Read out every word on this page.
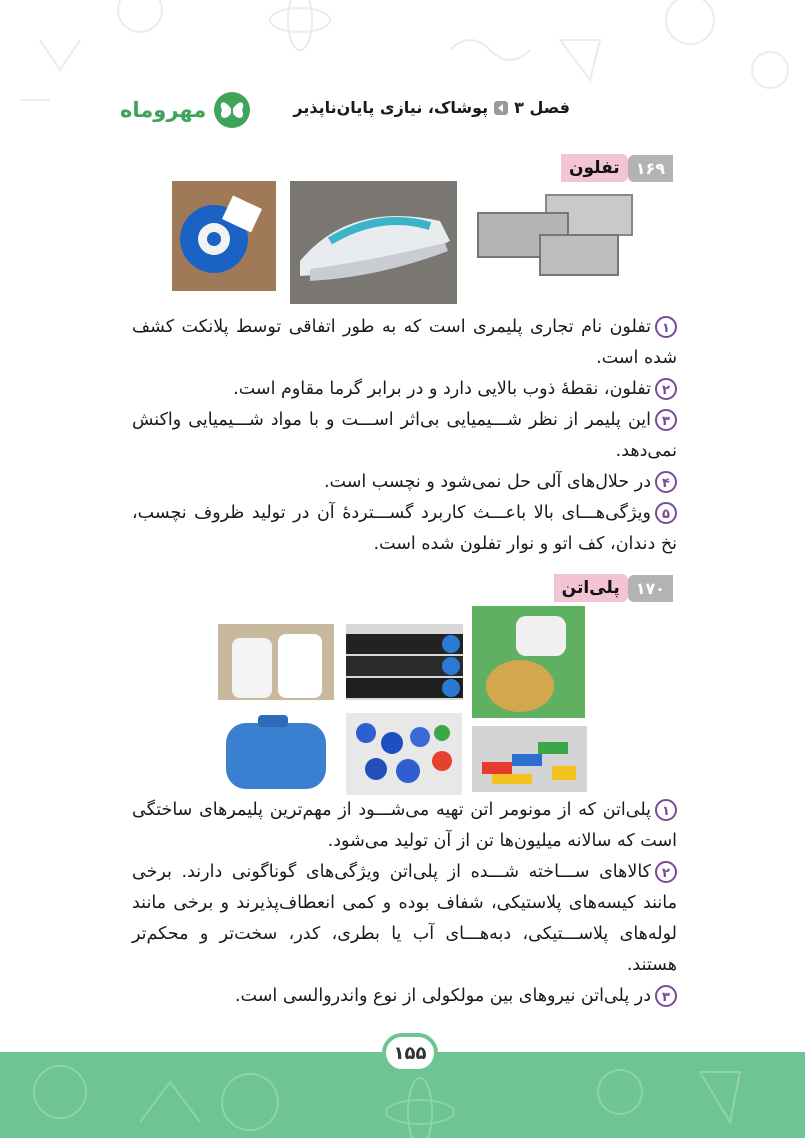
مهروماه	فصل ۳
پوشاک، نیازی پایان‌ناپذیر
۱۶۹
تفلون

۱تفلون نام تجاری پلیمری است که به طور اتفاقی توسط پلانکت کشف شده است.

۲تفلون، نقطهٔ ذوب بالایی دارد و در برابر گرما مقاوم است.

۳این پلیمر از نظر شـــیمیایی بی‌اثر اســـت و با مواد شـــیمیایی واکنش نمی‌دهد.

۴در حلال‌های آلی حل نمی‌شود و نچسب است.

۵ویژگی‌هـــای بالا باعـــث کاربرد گســـتردهٔ آن در تولید ظروف نچسب، نخ دندان، کف اتو و نوار تفلون شده است.

۱۷۰
پلی‌اتن

۱پلی‌اتن که از مونومر اتن تهیه می‌شـــود از مهم‌ترین پلیمرهای ساختگی است که سالانه میلیون‌ها تن از آن تولید می‌شود.

۲کالاهای ســـاخته شـــده از پلی‌اتن ویژگی‌های گوناگونی دارند. برخی مانند کیسه‌های پلاستیکی، شفاف بوده و کمی انعطاف‌پذیرند و برخی مانند لوله‌های پلاســـتیکی، دبه‌هـــای آب یا بطری، کدر، سخت‌تر و محکم‌تر هستند.

۳در پلی‌اتن نیروهای بین مولکولی از نوع واندروالسی است.

۱۵۵
